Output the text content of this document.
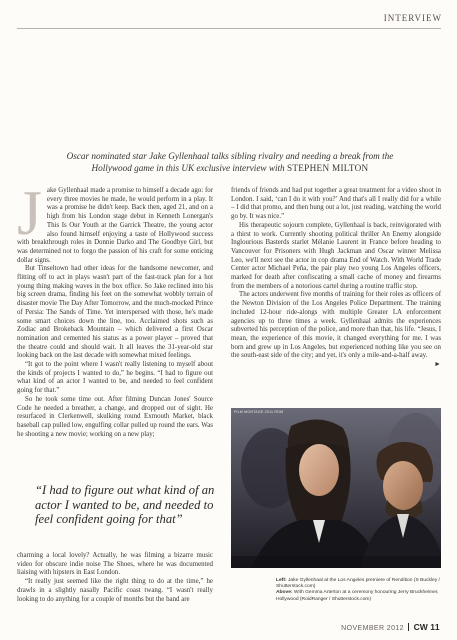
INTERVIEW
Oscar nominated star Jake Gyllenhaal talks sibling rivalry and needing a break from the Hollywood game in this UK exclusive interview with STEPHEN MILTON
J ake Gyllenhaal made a promise to himself a decade ago: for every three movies he made, he would perform in a play. It was a promise he didn't keep. Back then, aged 21, and on a high from his London stage debut in Kenneth Lonergan's This Is Our Youth at the Garrick Theatre, the young actor also found himself enjoying a taste of Hollywood success with breakthrough roles in Donnie Darko and The Goodbye Girl, but was determined not to forgo the passion of his craft for some enticing dollar signs.

But Tinseltown had other ideas for the handsome newcomer, and flitting off to act in plays wasn't part of the fast-track plan for a hot young thing making waves in the box office. So Jake reclined into his big screen drama, finding his feet on the somewhat wobbly terrain of disaster movie The Day After Tomorrow, and the much-mocked Prince of Persia: The Sands of Time. Yet interspersed with those, he's made some smart choices down the line, too. Acclaimed shots such as Zodiac and Brokeback Mountain – which delivered a first Oscar nomination and cemented his status as a power player – proved that the theatre could and should wait. It all leaves the 31-year-old star looking back on the last decade with somewhat mixed feelings.

“It got to the point where I wasn't really listening to myself about the kinds of projects I wanted to do,” he begins. “I had to figure out what kind of an actor I wanted to be, and needed to feel confident going for that.”

So he took some time out. After filming Duncan Jones' Source Code he needed a breather, a change, and dropped out of sight. He resurfaced in Clerkenwell, skulking round Exmouth Market, black baseball cap pulled low, engulfing collar pulled up round the ears. Was he shooting a new movie; working on a new play;

“I had to figure out what kind of an actor I wanted to be, and needed to feel confident going for that”

charming a local lovely? Actually, he was filming a bizarre music video for obscure indie noise The Shoes, where he was documented liaising with hipsters in East London.

“It really just seemed like the right thing to do at the time,” he drawls in a slightly nasally Pacific coast twang. “I wasn't really looking to do anything for a couple of months but the band are

friends of friends and had put together a great treatment for a video shoot in London. I said, ‘can I do it with you?’ And that's all I really did for a while – I did that promo, and then hung out a lot, just reading, watching the world go by. It was nice.”

His therapeutic sojourn complete, Gyllenhaal is back, reinvigorated with a thirst to work. Currently shooting political thriller An Enemy alongside Inglourious Basterds starlet Mélanie Laurent in France before heading to Vancouver for Prisoners with Hugh Jackman and Oscar winner Melissa Leo, we'll next see the actor in cop drama End of Watch. With World Trade Center actor Michael Peña, the pair play two young Los Angeles officers, marked for death after confiscating a small cache of money and firearms from the members of a notorious cartel during a routine traffic stop.

The actors underwent five months of training for their roles as officers of the Newton Division of the Los Angeles Police Department. The training included 12-hour ride-alongs with multiple Greater LA enforcement agencies up to three times a week. Gyllenhaal admits the experiences subverted his perception of the police, and more than that, his life. “Jesus, I mean, the experience of this movie, it changed everything for me. I was born and grew up in Los Angeles, but experienced nothing like you see on the south-east side of the city; and yet, it's only a mile-and-a-half away.

►

FILM MONTAGE 2011 RDM
Left: Jake Gyllenhaal at the Los Angeles premiere of Rendition (S Buckley / Shutterstock.com)
Above: With Gemma Arterton at a ceremony honouring Jerry Bruckheimer, Hollywood (RoidRanger / Shutterstock.com)
NOVEMBER 2012 CW 11
